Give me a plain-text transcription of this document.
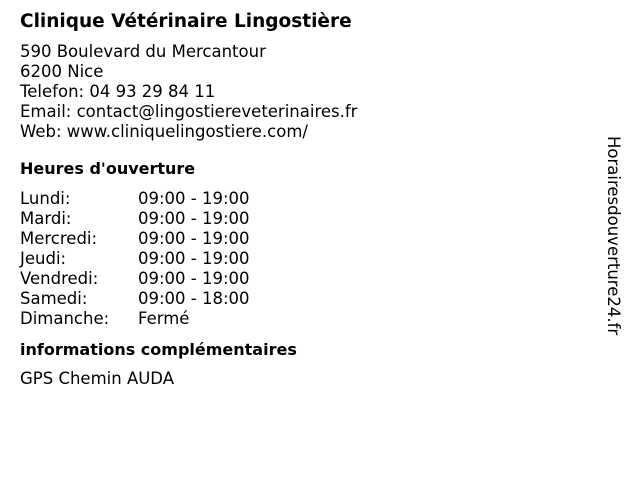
Clinique Vétérinaire Lingostière

590 Boulevard du Mercantour

6200 Nice

Telefon: 04 93 29 84 11

Email: contact@lingostiereveterinaires.fr

Web: www.cliniquelingostiere.com/

Heures d'ouverture
Lundi:	09:00 - 19:00
Mardi:	09:00 - 19:00
Mercredi:	09:00 - 19:00
Jeudi:	09:00 - 19:00
Vendredi:	09:00 - 19:00
Samedi:	09:00 - 18:00
Dimanche:	Fermé
informations complémentaires

GPS Chemin AUDA

Horairesdouverture24.fr
